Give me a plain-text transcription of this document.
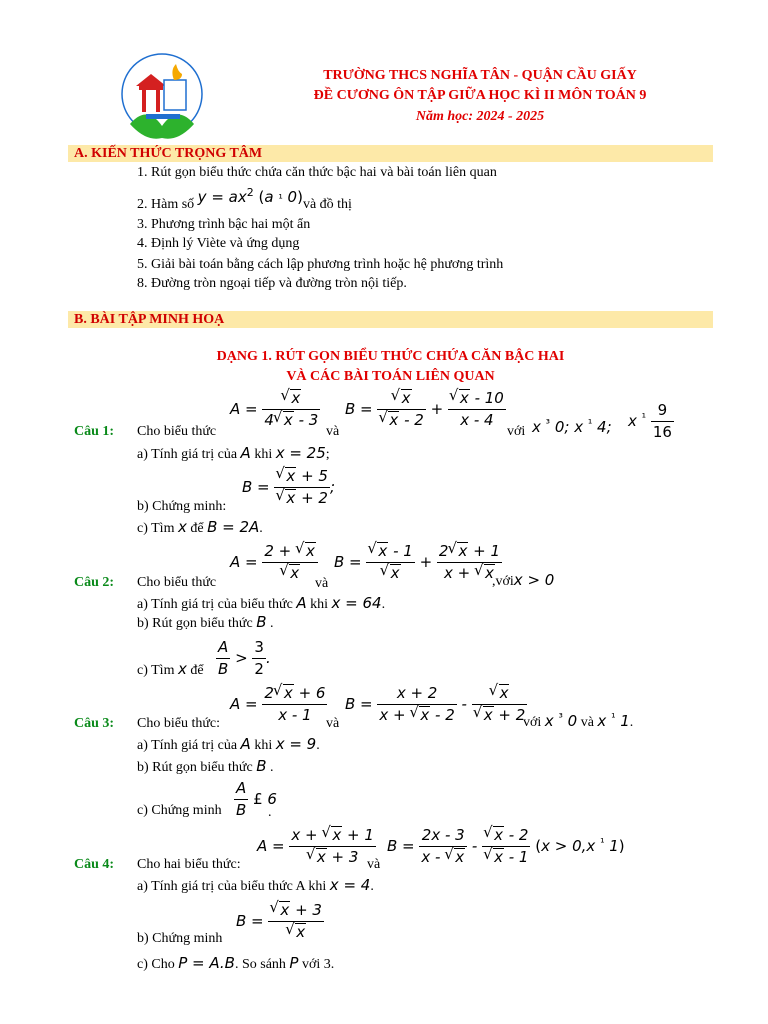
TRƯỜNG THCS NGHĨA TÂN - QUẬN CẦU GIẤY
ĐỀ CƯƠNG ÔN TẬP GIỮA HỌC KÌ II MÔN TOÁN 9
Năm học: 2024 - 2025
A. KIẾN THỨC TRỌNG TÂM
1. Rút gọn biểu thức chứa căn thức bậc hai và bài toán liên quan
2. Hàm số $y = ax^2$ (a ¹ 0)và đồ thị
3. Phương trình bậc hai một ẩn
4. Định lý Viète và ứng dụng
5. Giải bài toán bằng cách lập phương trình hoặc hệ phương trình
8. Đường tròn ngoại tiếp và đường tròn nội tiếp.
B. BÀI TẬP MINH HOẠ
DẠNG 1. RÚT GỌN BIỂU THỨC CHỨA CĂN BẬC HAI
VÀ CÁC BÀI TOÁN LIÊN QUAN
Câu 1: Cho biểu thức
A = √ $\frac{x}{4 √ x - 3}$
và
B = √ x
√ x - 2 + √ $\frac{x - 10}{x - 4}$
với x $^{^3}$ 0; x $^{^1}$ 4; x $^{^1} \frac{9}{16}$
a) Tính giá trị của A khi x = 25;
B = √ x + 5
√ x + 2 ;
b) Chứng minh:
c) Tìm x để B = 2A.
Câu 2: Cho biểu thức
A = 2 + √ x
√ x
và
B = √ x - 1
√ $x + \frac{2 √ x + 1}{x + √ x}$
,vớix > 0
a) Tính giá trị của biểu thức A khi x = 64.
b) Rút gọn biểu thức B .
$\frac{A}{B} > \frac{3}{2}$ .
c) Tìm x để
Câu 3: Cho biểu thức:
$A = \frac{2 √ x + 6}{x - 1}$
và
$B = \frac{x + 2}{x + √ x - 2}$ - √ x
√ x + 2
với x $^{^3}$ 0 và x $^{^1}$ 1.
a) Tính giá trị của A khi x = 9.
b) Rút gọn biểu thức B .
$\frac{A}{B}$ £ 6
c) Chứng minh	.
Câu 4: Cho hai biểu thức:
A = x + √ x + 1
√ x + 3
và
$B = \frac{2x - 3}{x - √ x}$ - √ x - 2
√ x - 1 (x > 0,x $^{^1}$ 1)
a) Tính giá trị của biểu thức A khi x = 4.
B = √ x + 3
√ x
b) Chứng minh
c) Cho P = A.B. So sánh P với 3.
